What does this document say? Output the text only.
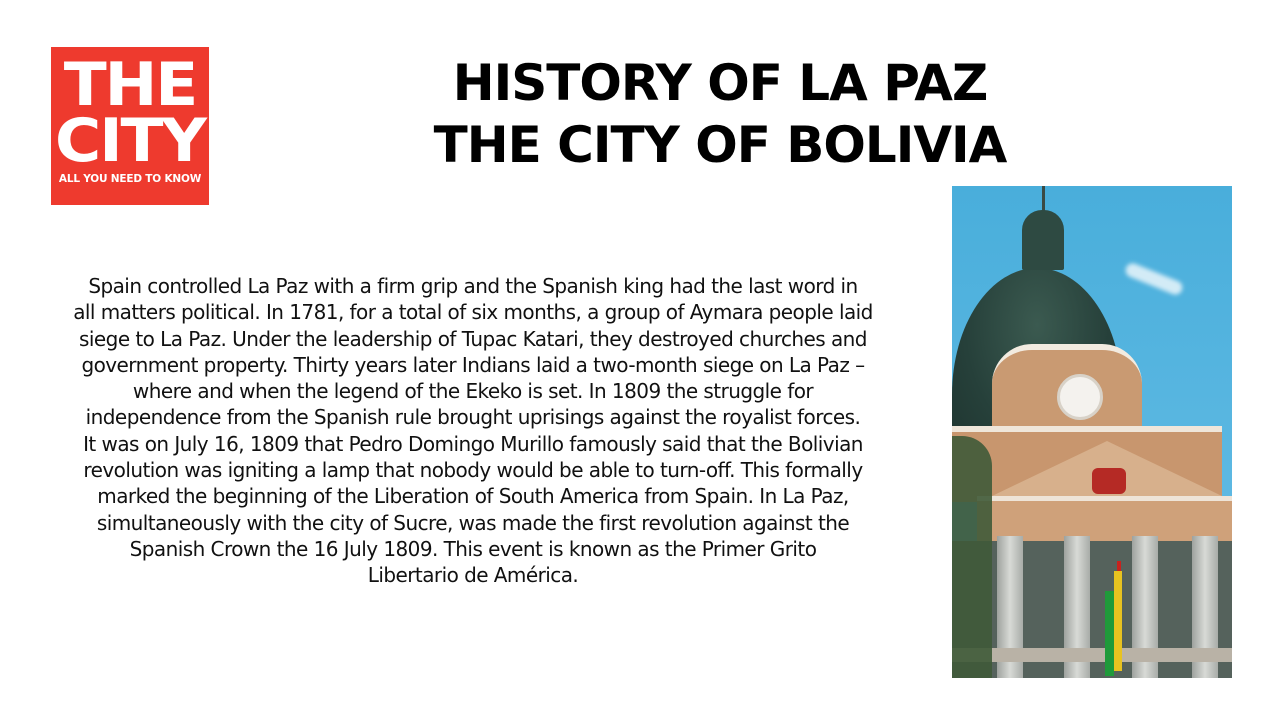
THE
CITY
ALL YOU NEED TO KNOW
HISTORY OF LA PAZ
THE CITY OF BOLIVIA
Spain controlled La Paz with a firm grip and the Spanish king had the last word in
all matters political. In 1781, for a total of six months, a group of Aymara people laid
siege to La Paz. Under the leadership of Tupac Katari, they destroyed churches and
government property. Thirty years later Indians laid a two-month siege on La Paz –
where and when the legend of the Ekeko is set. In 1809 the struggle for
independence from the Spanish rule brought uprisings against the royalist forces.
It was on July 16, 1809 that Pedro Domingo Murillo famously said that the Bolivian
revolution was igniting a lamp that nobody would be able to turn-off. This formally
marked the beginning of the Liberation of South America from Spain. In La Paz,
simultaneously with the city of Sucre, was made the first revolution against the
Spanish Crown the 16 July 1809. This event is known as the Primer Grito
Libertario de América.
